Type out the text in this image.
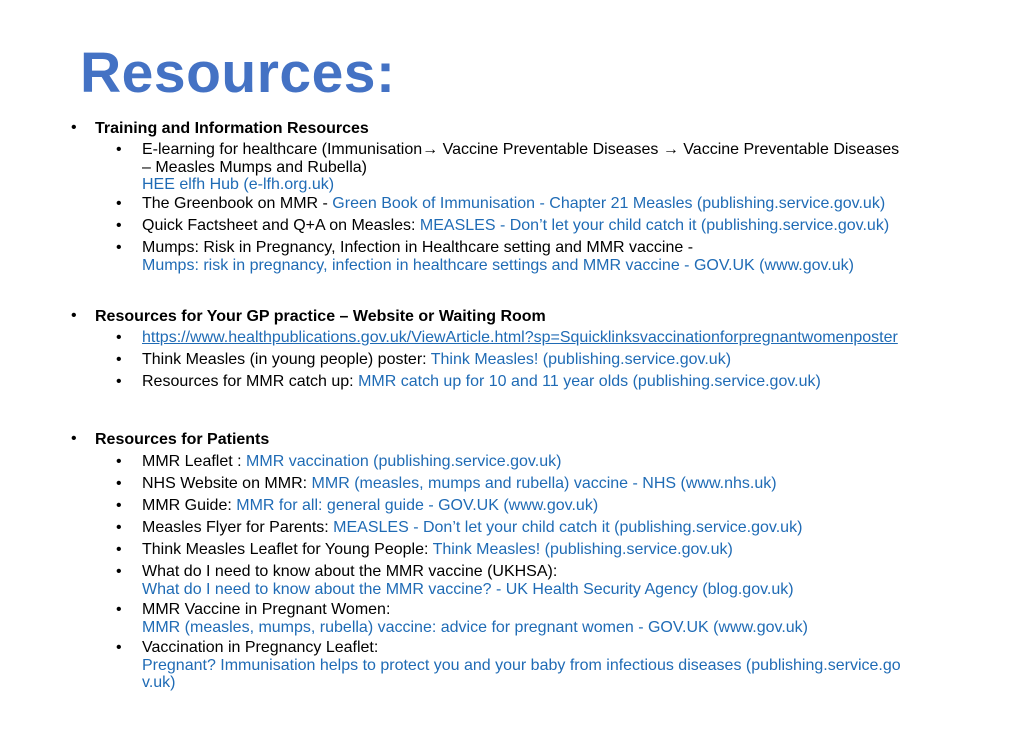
Resources:
• Training and Information Resources
• E-learning for healthcare (Immunisation→ Vaccine Preventable Diseases → Vaccine Preventable Diseases
– Measles Mumps and Rubella)
HEE elfh Hub (e-lfh.org.uk)
• The Greenbook on MMR - Green Book of Immunisation - Chapter 21 Measles (publishing.service.gov.uk)
• Quick Factsheet and Q+A on Measles: MEASLES - Don’t let your child catch it (publishing.service.gov.uk)
• Mumps: Risk in Pregnancy, Infection in Healthcare setting and MMR vaccine -
Mumps: risk in pregnancy, infection in healthcare settings and MMR vaccine - GOV.UK (www.gov.uk)
• Resources for Your GP practice – Website or Waiting Room
• https://www.healthpublications.gov.uk/ViewArticle.html?sp=Squicklinksvaccinationforpregnantwomenposter
• Think Measles (in young people) poster: Think Measles! (publishing.service.gov.uk)
• Resources for MMR catch up: MMR catch up for 10 and 11 year olds (publishing.service.gov.uk)
• Resources for Patients
• MMR Leaflet : MMR vaccination (publishing.service.gov.uk)
• NHS Website on MMR: MMR (measles, mumps and rubella) vaccine - NHS (www.nhs.uk)
• MMR Guide: MMR for all: general guide - GOV.UK (www.gov.uk)
• Measles Flyer for Parents: MEASLES - Don’t let your child catch it (publishing.service.gov.uk)
• Think Measles Leaflet for Young People: Think Measles! (publishing.service.gov.uk)
• What do I need to know about the MMR vaccine (UKHSA):
What do I need to know about the MMR vaccine? - UK Health Security Agency (blog.gov.uk)
• MMR Vaccine in Pregnant Women:
MMR (measles, mumps, rubella) vaccine: advice for pregnant women - GOV.UK (www.gov.uk)
• Vaccination in Pregnancy Leaflet:
Pregnant? Immunisation helps to protect you and your baby from infectious diseases (publishing.service.go
v.uk)
